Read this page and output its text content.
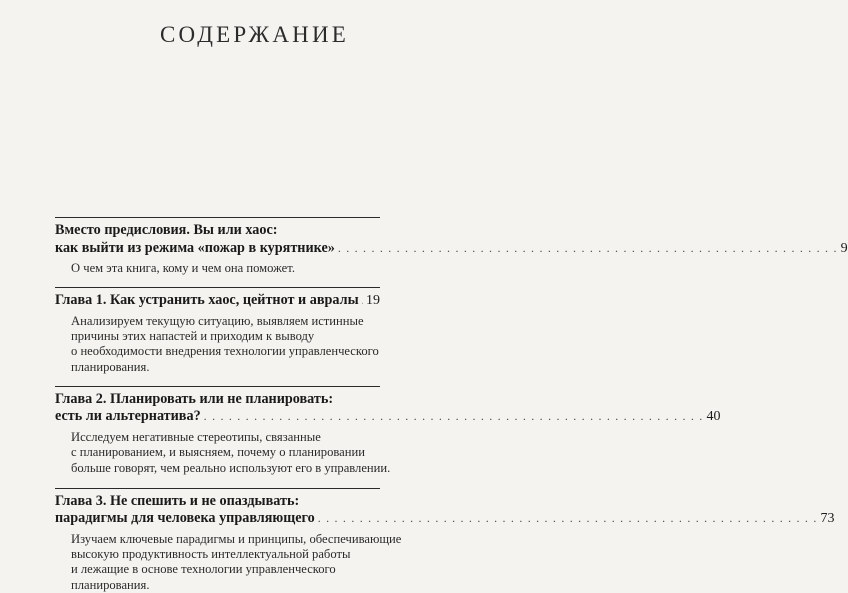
СОДЕРЖАНИЕ
Вместо предисловия. Вы или хаос:
как выйти из режима «пожар в курятнике» . . . . . . . . . . . . . . . . . . . . . . . . . . . . . . . . . . . . . . . . . . . . . . . . . . . . . . . . . . . . 9
О чем эта книга, кому и чем она поможет.
Глава 1. Как устранить хаос, цейтнот и авралы 19
Анализируем текущую ситуацию, выявляем истинные
причины этих напастей и приходим к выводу
о необходимости внедрения технологии управленческого
планирования.
Глава 2. Планировать или не планировать:
есть ли альтернатива? . . . . . . . . . . . . . . . . . . . . . . . . . . . . . . . . . . . . . . . . . . . . . . . . . . . . . . . . . . . . 40
Исследуем негативные стереотипы, связанные
с планированием, и выясняем, почему о планировании
больше говорят, чем реально используют его в управлении.
Глава 3. Не спешить и не опаздывать:
парадигмы для человека управляющего . . . . . . . . . . . . . . . . . . . . . . . . . . . . . . . . . . . . . . . . . . . . . . . . . . . . . . . . . . . . 73
Изучаем ключевые парадигмы и принципы, обеспечивающие
высокую продуктивность интеллектуальной работы
и лежащие в основе технологии управленческого
планирования.
